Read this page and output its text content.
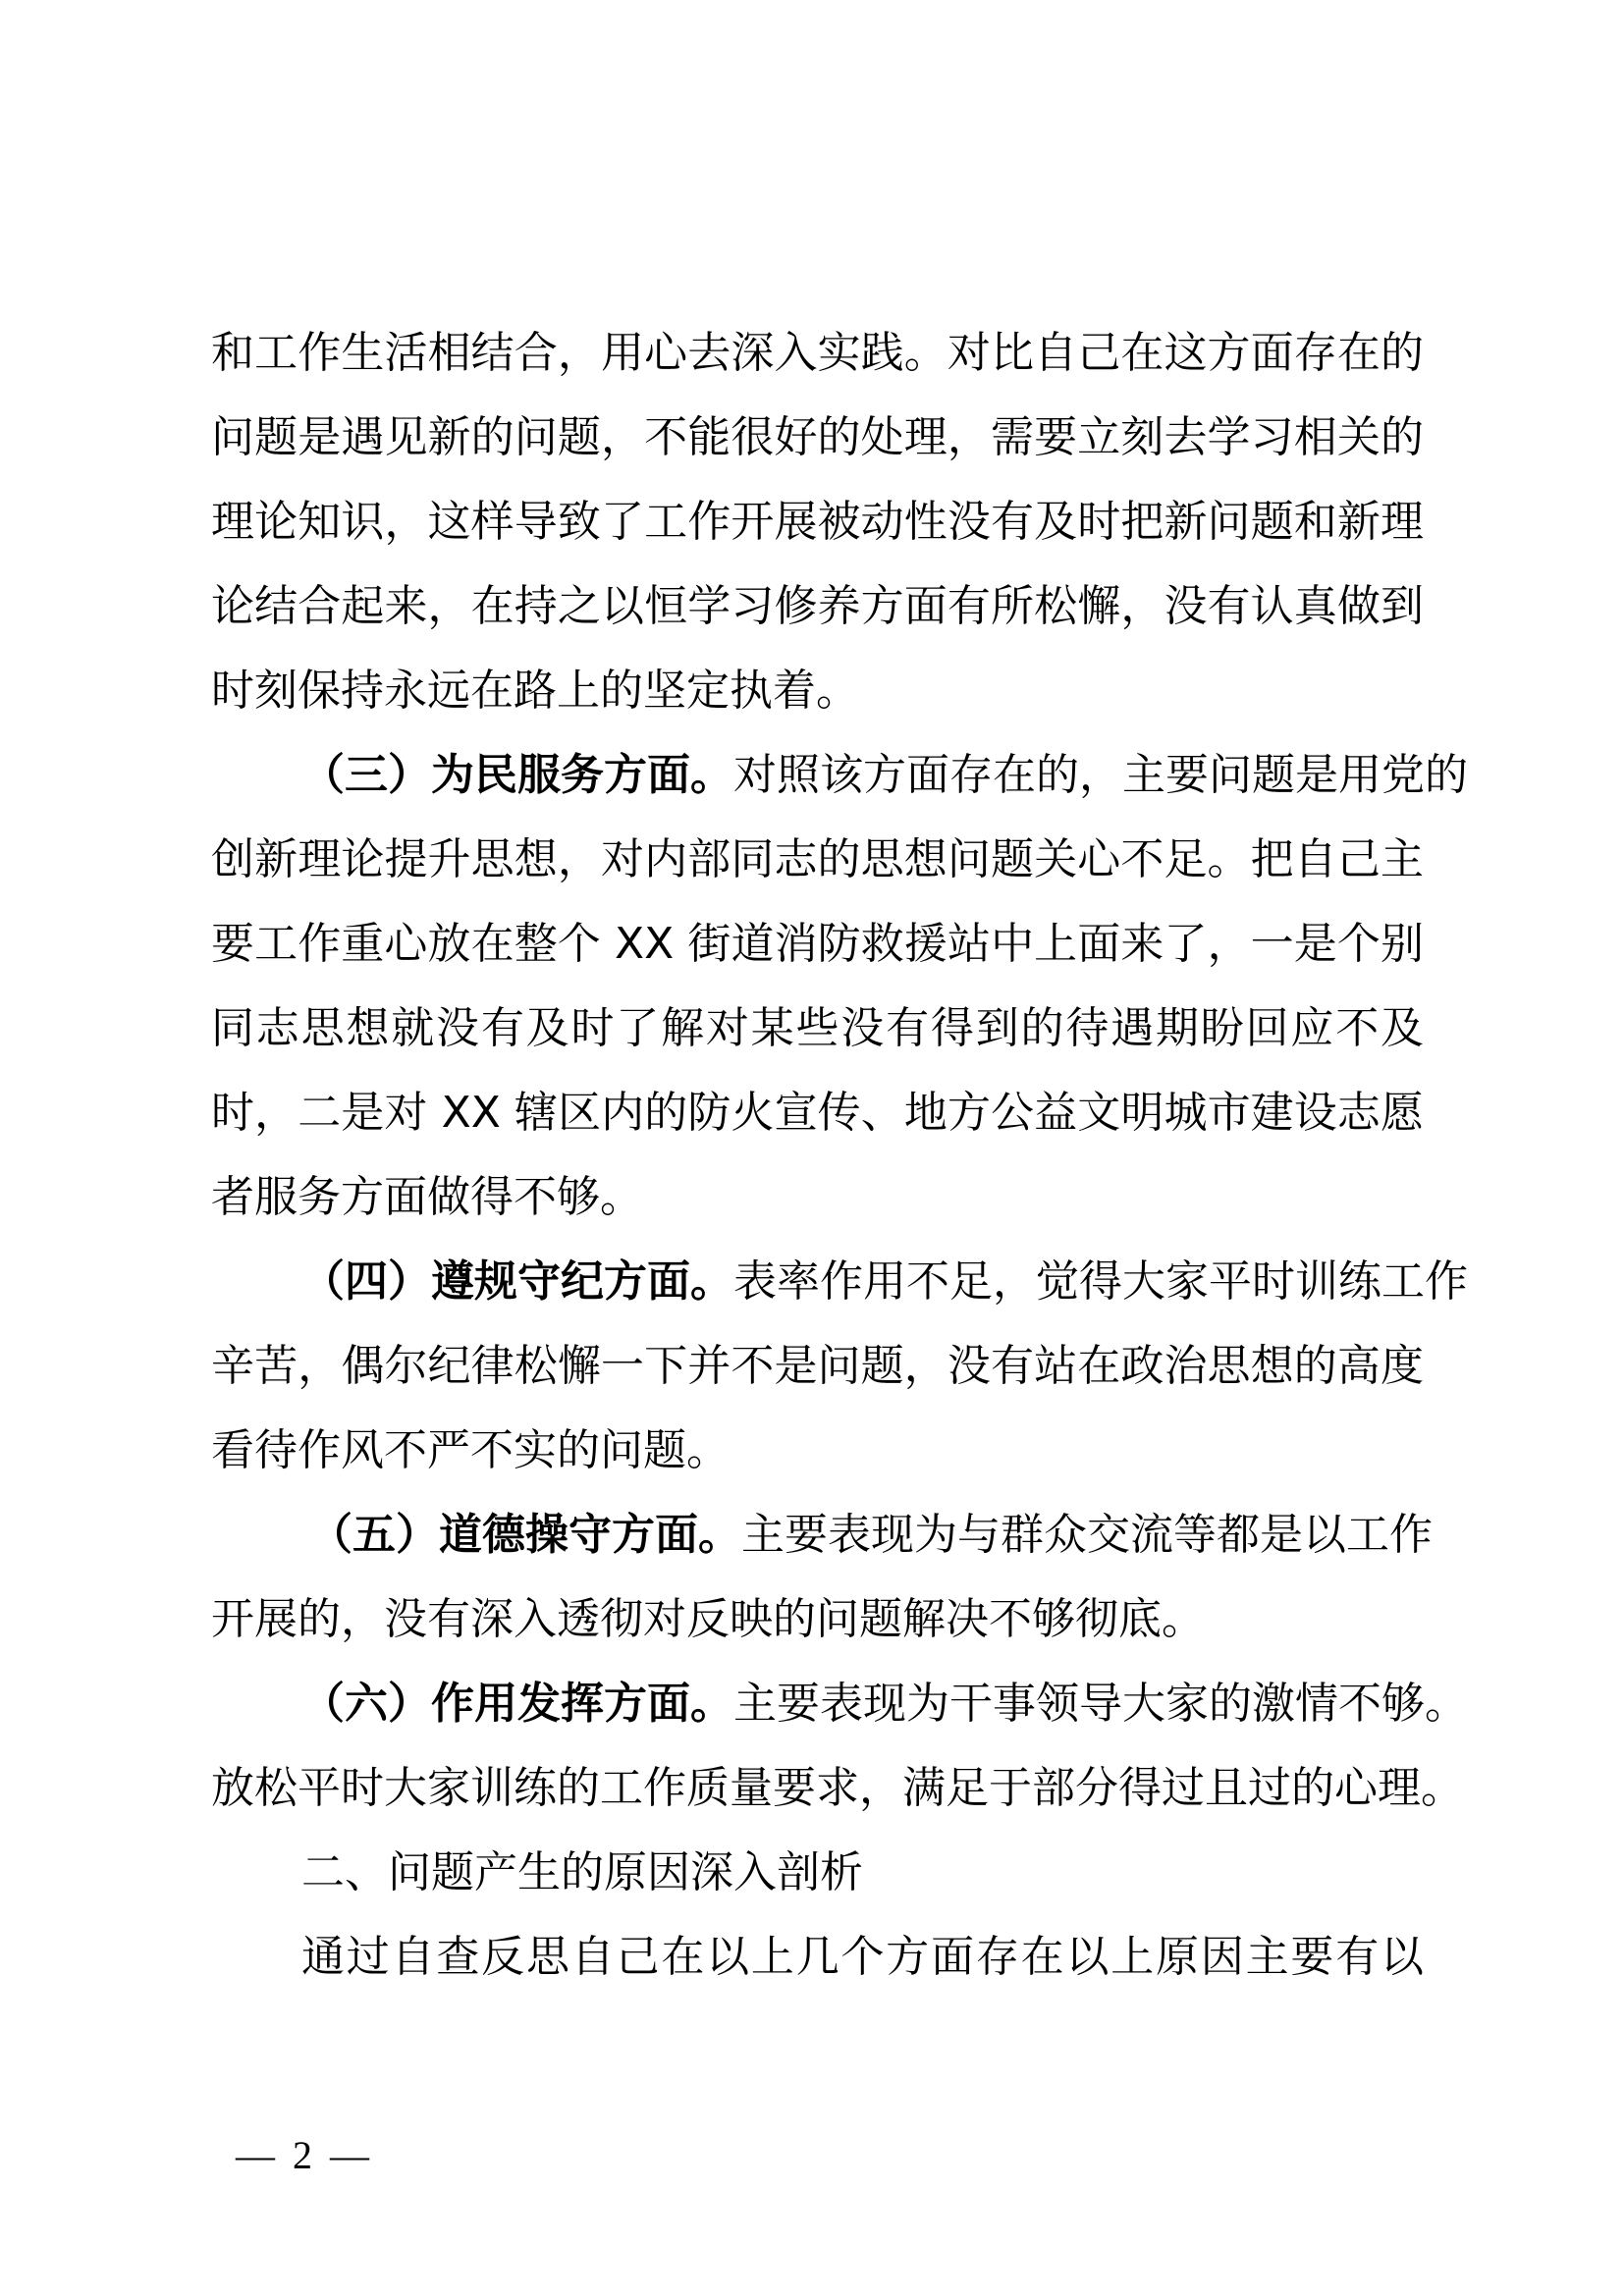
和工作生活相结合，用心去深入实践。对比自己在这方面存在的
问题是遇见新的问题，不能很好的处理，需要立刻去学习相关的
理论知识，这样导致了工作开展被动性没有及时把新问题和新理
论结合起来，在持之以恒学习修养方面有所松懈，没有认真做到
时刻保持永远在路上的坚定执着。
（三）为民服务方面。对照该方面存在的，主要问题是用党的
创新理论提升思想，对内部同志的思想问题关心不足。把自己主
要工作重心放在整个 XX 街道消防救援站中上面来了，一是个别
同志思想就没有及时了解对某些没有得到的待遇期盼回应不及
时，二是对 XX 辖区内的防火宣传、地方公益文明城市建设志愿
者服务方面做得不够。
（四）遵规守纪方面。表率作用不足，觉得大家平时训练工作
辛苦，偶尔纪律松懈一下并不是问题，没有站在政治思想的高度
看待作风不严不实的问题。
（五）道德操守方面。主要表现为与群众交流等都是以工作
开展的，没有深入透彻对反映的问题解决不够彻底。
（六）作用发挥方面。主要表现为干事领导大家的激情不够。
放松平时大家训练的工作质量要求，满足于部分得过且过的心理。
二、问题产生的原因深入剖析
通过自查反思自己在以上几个方面存在以上原因主要有以
— 2 —
